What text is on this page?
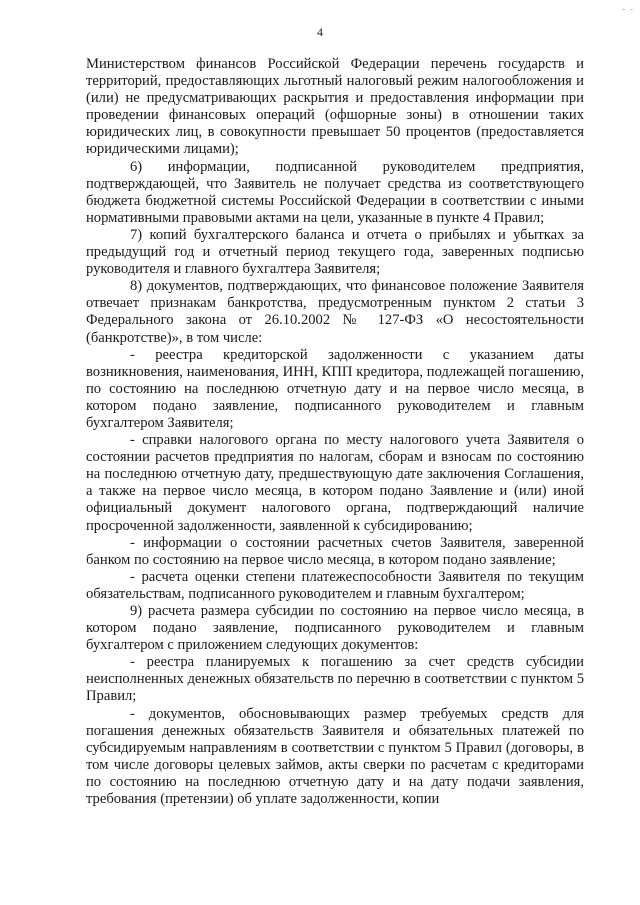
- -
4

Министерством финансов Российской Федерации перечень государств и территорий, предоставляющих льготный налоговый режим налогообложения и (или) не предусматривающих раскрытия и предоставления информации при проведении финансовых операций (офшорные зоны) в отношении таких юридических лиц, в совокупности превышает 50 процентов (предоставляется юридическими лицами);

6) информации, подписанной руководителем предприятия, подтверждающей, что Заявитель не получает средства из соответствующего бюджета бюджетной системы Российской Федерации в соответствии с иными нормативными правовыми актами на цели, указанные в пункте 4 Правил;

7) копий бухгалтерского баланса и отчета о прибылях и убытках за предыдущий год и отчетный период текущего года, заверенных подписью руководителя и главного бухгалтера Заявителя;

8) документов, подтверждающих, что финансовое положение Заявителя отвечает признакам банкротства, предусмотренным пунктом 2 статьи 3 Федерального закона от 26.10.2002 № 127-ФЗ «О несостоятельности (банкротстве)», в том числе:

- реестра кредиторской задолженности с указанием даты возникновения, наименования, ИНН, КПП кредитора, подлежащей погашению, по состоянию на последнюю отчетную дату и на первое число месяца, в котором подано заявление, подписанного руководителем и главным бухгалтером Заявителя;

- справки налогового органа по месту налогового учета Заявителя о состоянии расчетов предприятия по налогам, сборам и взносам по состоянию на последнюю отчетную дату, предшествующую дате заключения Соглашения, а также на первое число месяца, в котором подано Заявление и (или) иной официальный документ налогового органа, подтверждающий наличие просроченной задолженности, заявленной к субсидированию;

- информации о состоянии расчетных счетов Заявителя, заверенной банком по состоянию на первое число месяца, в котором подано заявление;

- расчета оценки степени платежеспособности Заявителя по текущим обязательствам, подписанного руководителем и главным бухгалтером;

9) расчета размера субсидии по состоянию на первое число месяца, в котором подано заявление, подписанного руководителем и главным бухгалтером с приложением следующих документов:

- реестра планируемых к погашению за счет средств субсидии неисполненных денежных обязательств по перечню в соответствии с пунктом 5 Правил;

- документов, обосновывающих размер требуемых средств для погашения денежных обязательств Заявителя и обязательных платежей по субсидируемым направлениям в соответствии с пунктом 5 Правил (договоры, в том числе договоры целевых займов, акты сверки по расчетам с кредиторами по состоянию на последнюю отчетную дату и на дату подачи заявления, требования (претензии) об уплате задолженности, копии
